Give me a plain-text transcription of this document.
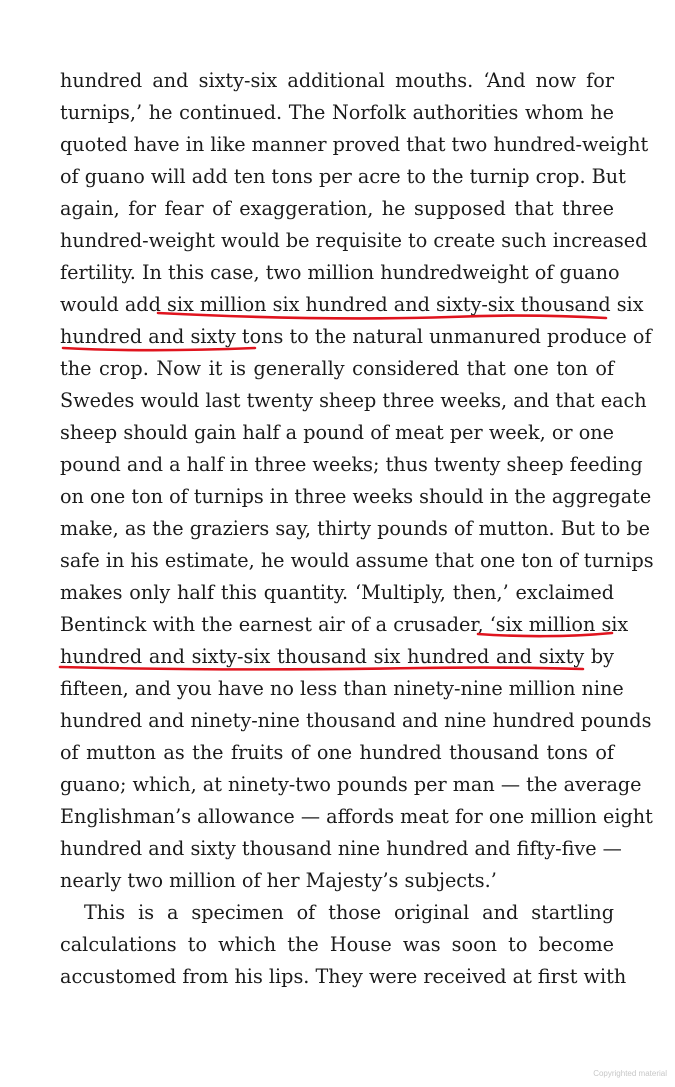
hundred and sixty-six additional mouths. ‘And now for
turnips,’ he continued. The Norfolk authorities whom he
quoted have in like manner proved that two hundred-weight
of guano will add ten tons per acre to the turnip crop. But
again, for fear of exaggeration, he supposed that three
hundred-weight would be requisite to create such increased
fertility. In this case, two million hundredweight of guano
would add six million six hundred and sixty-six thousand six
hundred and sixty tons to the natural unmanured produce of
the crop. Now it is generally considered that one ton of
Swedes would last twenty sheep three weeks, and that each
sheep should gain half a pound of meat per week, or one
pound and a half in three weeks; thus twenty sheep feeding
on one ton of turnips in three weeks should in the aggregate
make, as the graziers say, thirty pounds of mutton. But to be
safe in his estimate, he would assume that one ton of turnips
makes only half this quantity. ‘Multiply, then,’ exclaimed
Bentinck with the earnest air of a crusader, ‘six million six
hundred and sixty-six thousand six hundred and sixty by
fifteen, and you have no less than ninety-nine million nine
hundred and ninety-nine thousand and nine hundred pounds
of mutton as the fruits of one hundred thousand tons of
guano; which, at ninety-two pounds per man — the average
Englishman’s allowance — affords meat for one million eight
hundred and sixty thousand nine hundred and fifty-five —
nearly two million of her Majesty’s subjects.’
This is a specimen of those original and startling
calculations to which the House was soon to become
accustomed from his lips. They were received at first with
Copyrighted material
